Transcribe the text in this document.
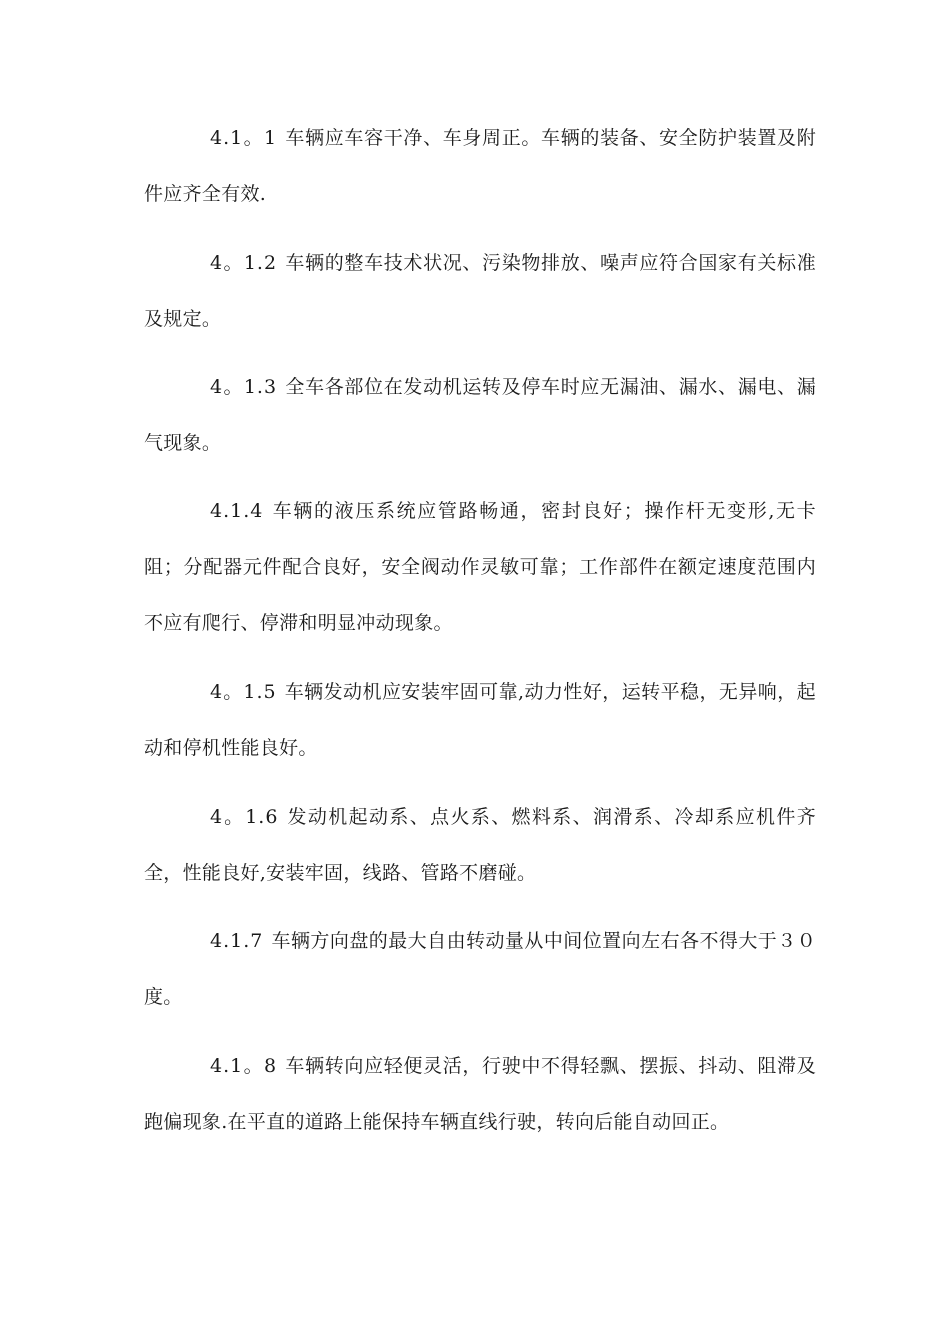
4.1。1 车辆应车容干净、车身周正。车辆的装备、安全防护装置及附件应齐全有效.

4。1.2 车辆的整车技术状况、污染物排放、噪声应符合国家有关标准及规定。

4。1.3 全车各部位在发动机运转及停车时应无漏油、漏水、漏电、漏气现象。

4.1.4 车辆的液压系统应管路畅通，密封良好；操作杆无变形,无卡阻；分配器元件配合良好，安全阀动作灵敏可靠；工作部件在额定速度范围内不应有爬行、停滞和明显冲动现象。

4。1.5 车辆发动机应安装牢固可靠,动力性好，运转平稳，无异响，起动和停机性能良好。

4。1.6 发动机起动系、点火系、燃料系、润滑系、冷却系应机件齐全，性能良好,安装牢固，线路、管路不磨碰。

4.1.7 车辆方向盘的最大自由转动量从中间位置向左右各不得大于３０度。

4.1。8 车辆转向应轻便灵活，行驶中不得轻飘、摆振、抖动、阻滞及跑偏现象.在平直的道路上能保持车辆直线行驶，转向后能自动回正。
